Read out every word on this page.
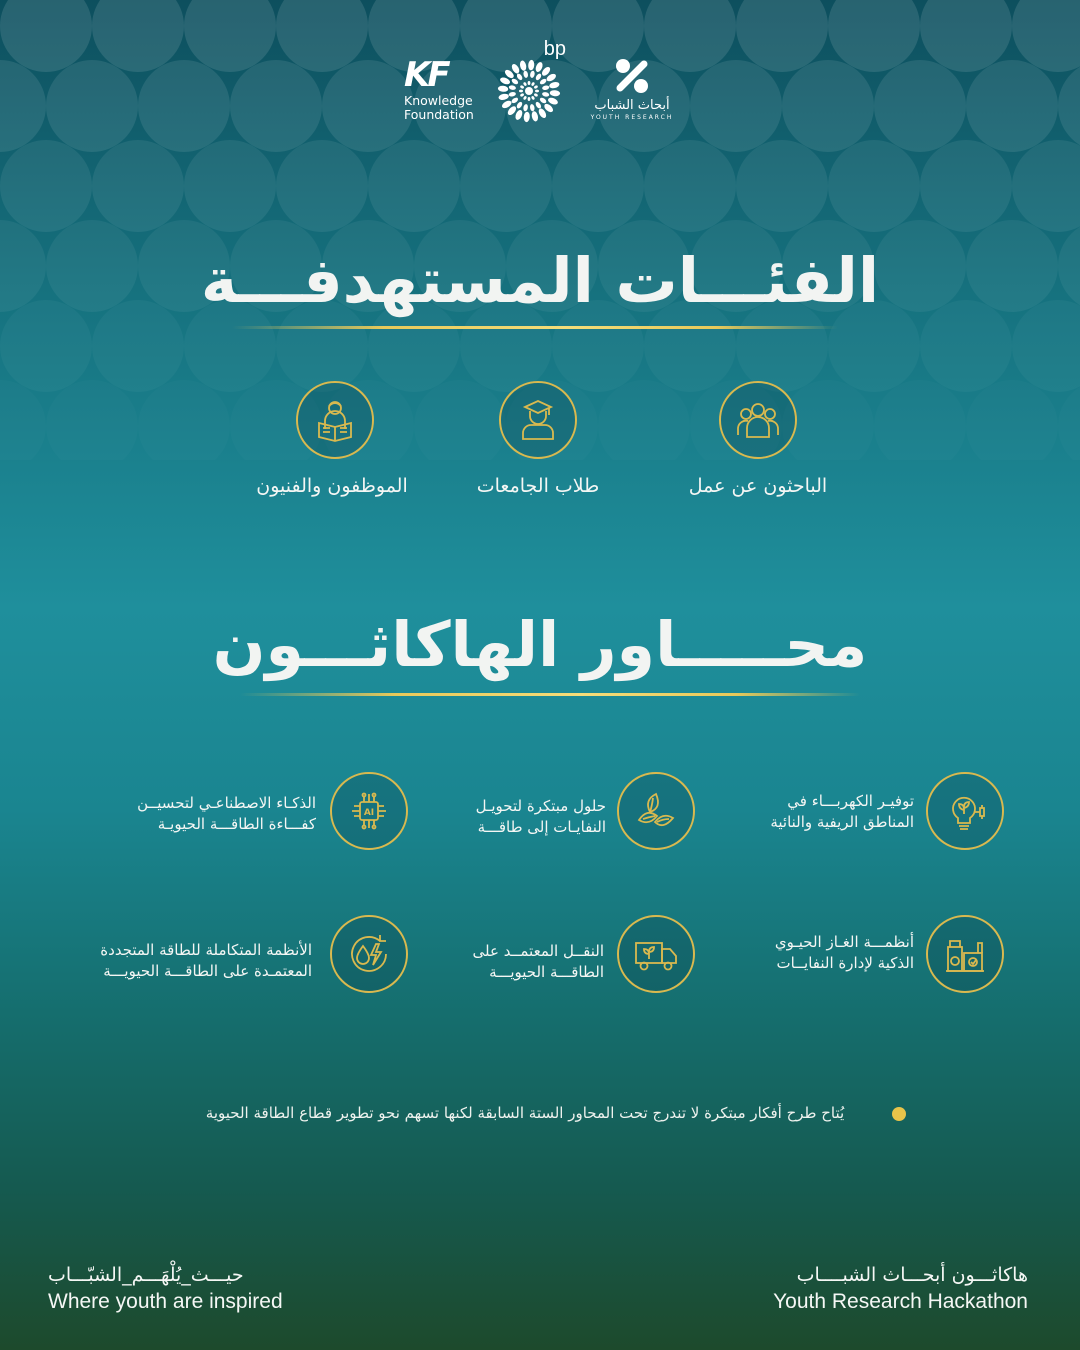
KF
Knowledge
Foundation
bp
أبحاث الشباب
YOUTH RESEARCH
الفئـــات المستهدفـــة
الباحثون عن عمل
طلاب الجامعات
الموظفون والفنيون
محـــــاور الهاكاثـــون
توفيـر الكهربـــاء في
المناطق الريفية والنائية
حلول مبتكرة لتحويـل
النفايـات إلى طاقـــة
AI
الذكـاء الاصطناعـي لتحسيــن
كفـــاءة الطاقـــة الحيويـة
أنظمـــة الغـاز الحيـوي
الذكية لإدارة النفايــات
النقــل المعتمــد على
الطاقـــة الحيويـــة
الأنظمة المتكاملة للطاقة المتجددة
المعتمـدة على الطاقـــة الحيويـــة
يُتاح طرح أفكار مبتكرة لا تندرج تحت المحاور الستة السابقة لكنها تسهم نحو تطوير قطاع الطاقة الحيوية
حيـــث_يُلْهَـــم_الشبّـــاب
Where youth are inspired
هاكاثـــون أبحـــاث الشبــــاب
Youth Research Hackathon
